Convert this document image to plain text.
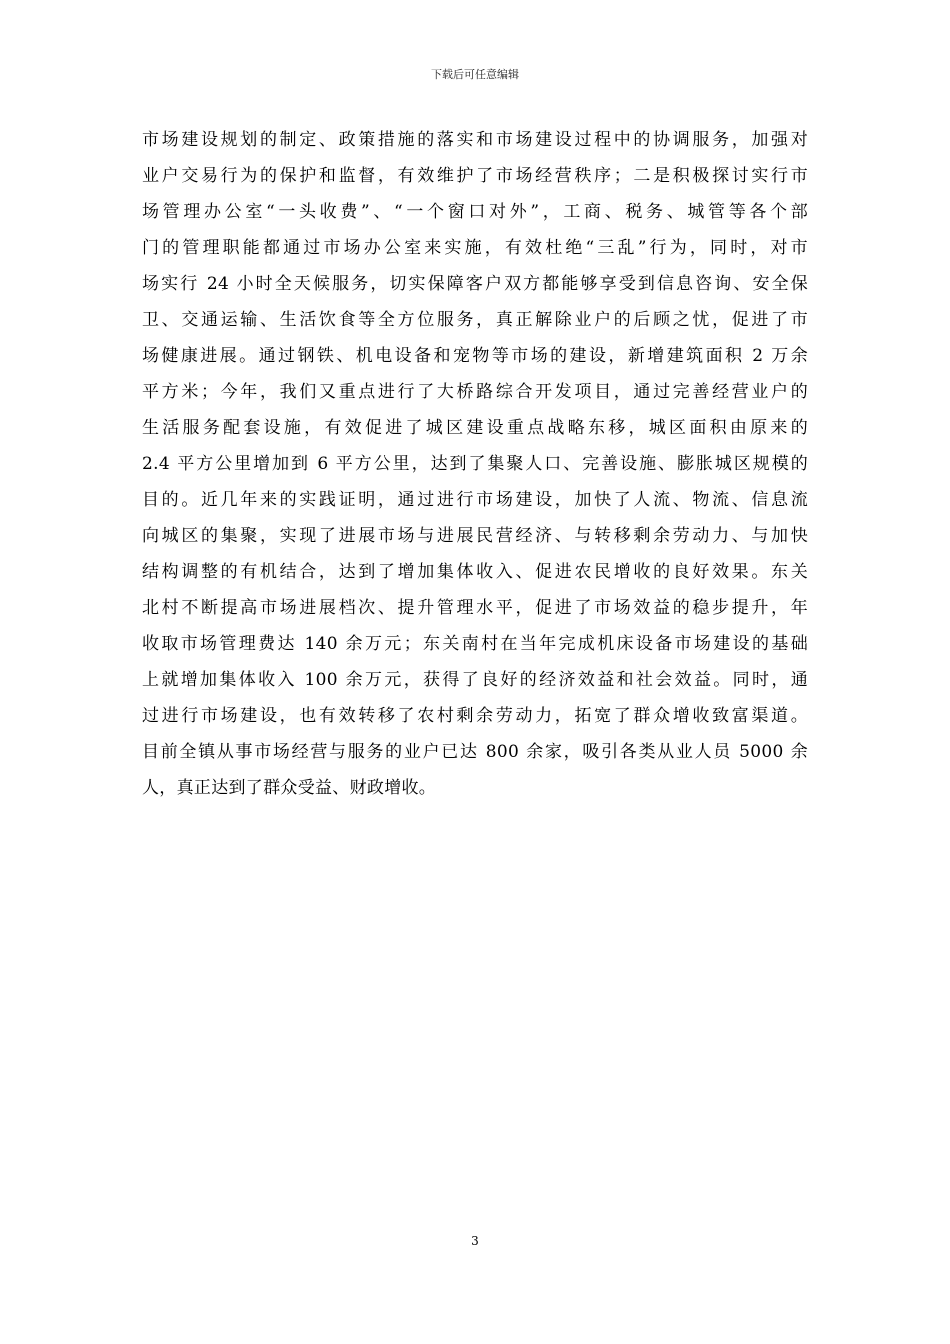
下载后可任意编辑
市场建设规划的制定、政策措施的落实和市场建设过程中的协调服务，加强对
业户交易行为的保护和监督，有效维护了市场经营秩序；二是积极探讨实行市
场管理办公室“一头收费”、“一个窗口对外”，工商、税务、城管等各个部
门的管理职能都通过市场办公室来实施，有效杜绝“三乱”行为，同时，对市
场实行 24 小时全天候服务，切实保障客户双方都能够享受到信息咨询、安全保
卫、交通运输、生活饮食等全方位服务，真正解除业户的后顾之忧，促进了市
场健康进展。通过钢铁、机电设备和宠物等市场的建设，新增建筑面积 2 万余
平方米；今年，我们又重点进行了大桥路综合开发项目，通过完善经营业户的
生活服务配套设施，有效促进了城区建设重点战略东移，城区面积由原来的
2.4 平方公里增加到 6 平方公里，达到了集聚人口、完善设施、膨胀城区规模的
目的。近几年来的实践证明，通过进行市场建设，加快了人流、物流、信息流
向城区的集聚，实现了进展市场与进展民营经济、与转移剩余劳动力、与加快
结构调整的有机结合，达到了增加集体收入、促进农民增收的良好效果。东关
北村不断提高市场进展档次、提升管理水平，促进了市场效益的稳步提升，年
收取市场管理费达 140 余万元；东关南村在当年完成机床设备市场建设的基础
上就增加集体收入 100 余万元，获得了良好的经济效益和社会效益。同时，通
过进行市场建设，也有效转移了农村剩余劳动力，拓宽了群众增收致富渠道。
目前全镇从事市场经营与服务的业户已达 800 余家，吸引各类从业人员 5000 余
人，真正达到了群众受益、财政增收。
3
